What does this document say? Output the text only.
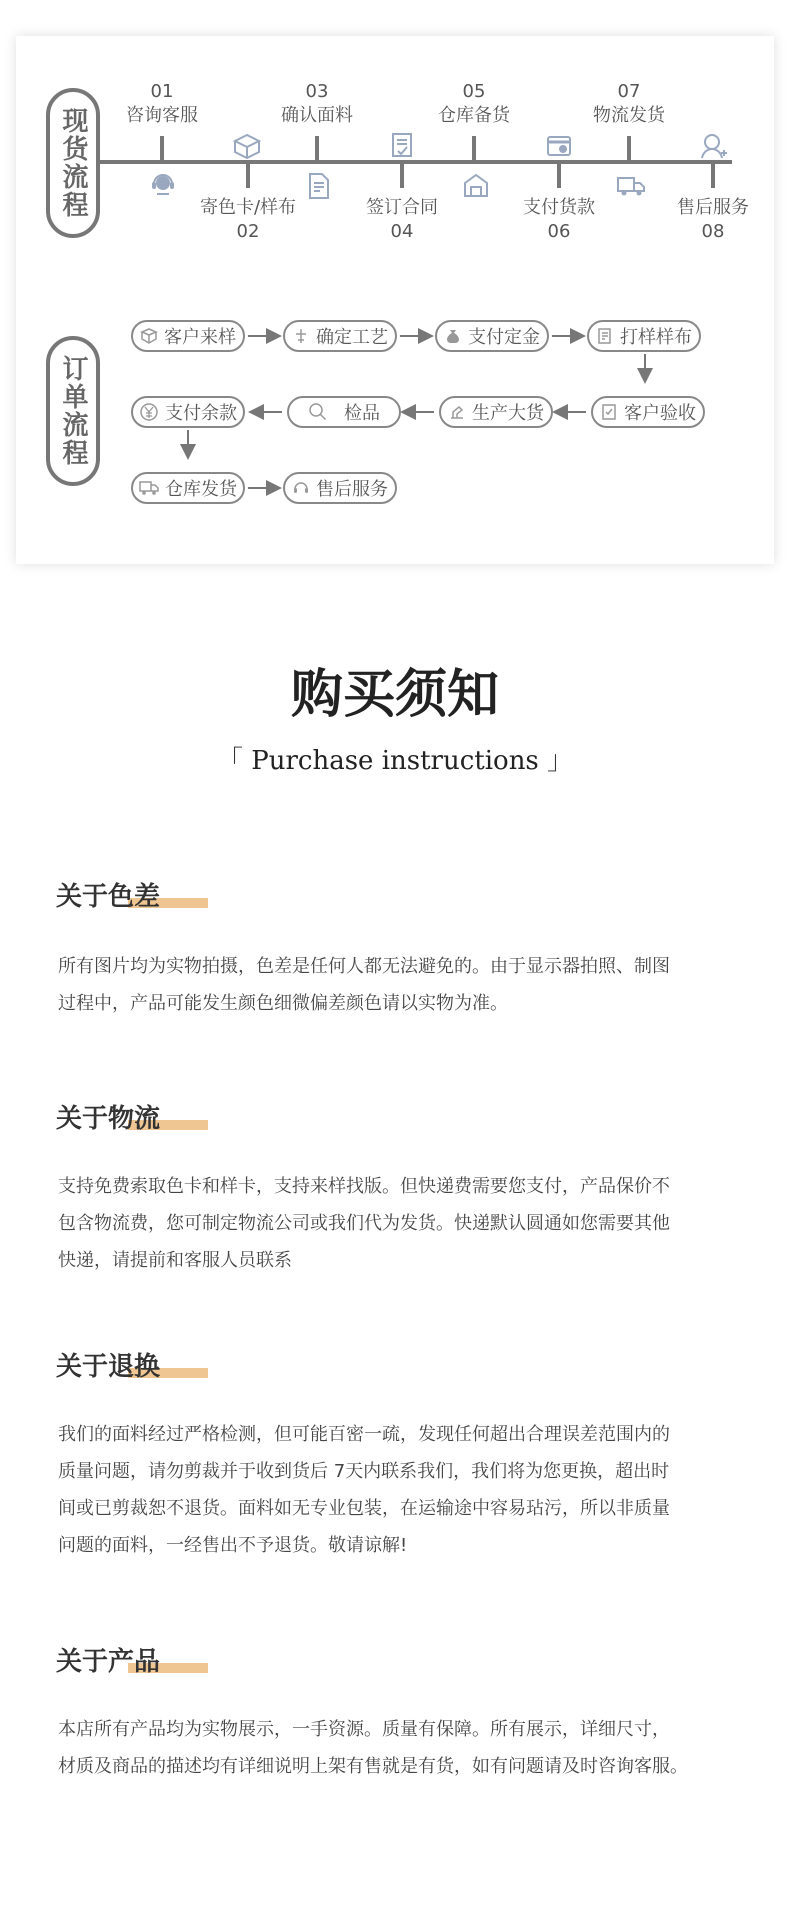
现货流程
01
咨询客服
03
确认面料
05
仓库备货
07
物流发货
寄色卡/样布
02
签订合同
04
支付货款
06
售后服务
08
订单流程
客户来样	确定工艺	支付定金	打样样布
客户验收
生产大货
检品
支付余款
仓库发货	售后服务
购买须知
「 Purchase instructions 」
关于色差
所有图片均为实物拍摄，色差是任何人都无法避免的。由于显示器拍照、制图
过程中，产品可能发生颜色细微偏差颜色请以实物为准。
关于物流
支持免费索取色卡和样卡，支持来样找版。但快递费需要您支付，产品保价不
包含物流费，您可制定物流公司或我们代为发货。快递默认圆通如您需要其他
快递，请提前和客服人员联系
关于退换
我们的面料经过严格检测，但可能百密一疏，发现任何超出合理误差范围内的
质量问题，请勿剪裁并于收到货后 7天内联系我们，我们将为您更换，超出时
间或已剪裁恕不退货。面料如无专业包装，在运输途中容易玷污，所以非质量
问题的面料，一经售出不予退货。敬请谅解!
关于产品
本店所有产品均为实物展示，一手资源。质量有保障。所有展示，详细尺寸，
材质及商品的描述均有详细说明上架有售就是有货，如有问题请及时咨询客服。
